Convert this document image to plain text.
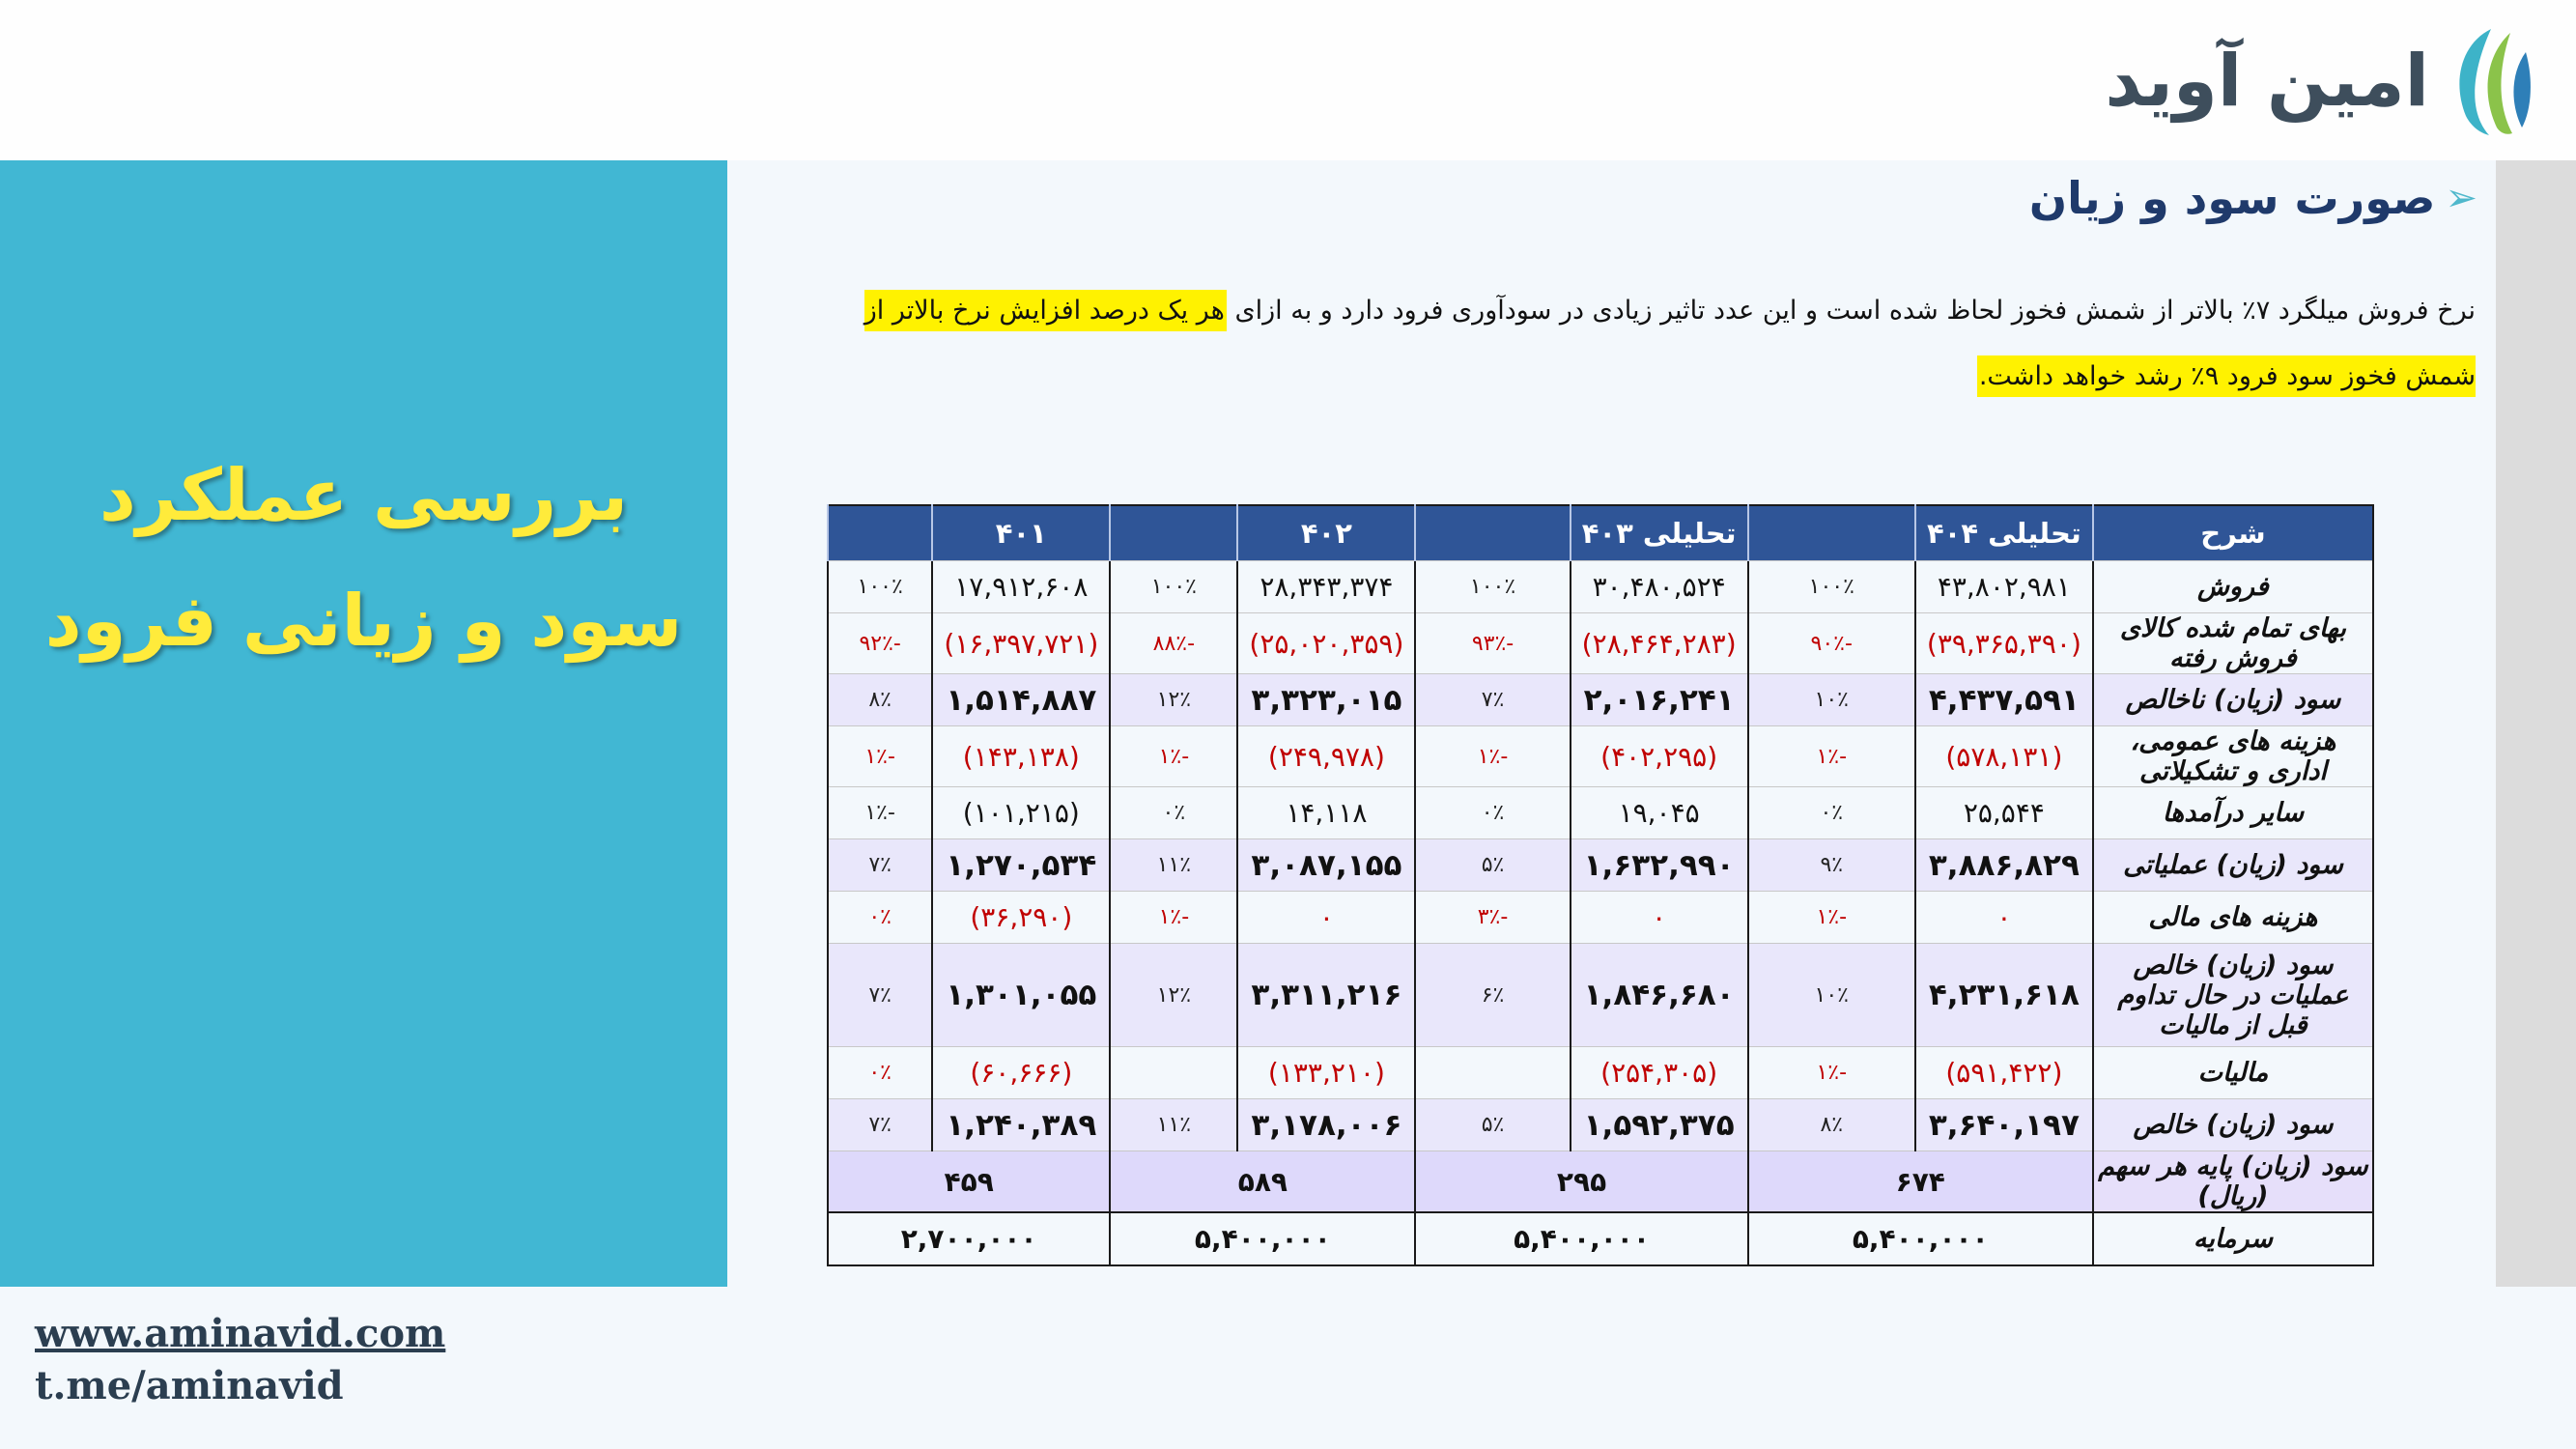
امین آوید
بررسی عملکرد
سود و زیانی فرود
www.aminavid.com
t.me/aminavid
➢
صورت سود و زیان
نرخ فروش میلگرد ۷٪ بالاتر از شمش فخوز لحاظ شده است و این عدد تاثیر زیادی در سودآوری فرود دارد و به ازای هر یک درصد افزایش نرخ بالاتر از شمش فخوز سود فرود ۹٪ رشد خواهد داشت.
شرح	تحلیلی ۴۰۴		تحلیلی ۴۰۳		۴۰۲		۴۰۱	
فروش	۴۳,۸۰۲,۹۸۱	۱۰۰٪	۳۰,۴۸۰,۵۲۴	۱۰۰٪	۲۸,۳۴۳,۳۷۴	۱۰۰٪	۱۷,۹۱۲,۶۰۸	۱۰۰٪
بهای تمام شده کالای فروش رفته	(۳۹,۳۶۵,۳۹۰)	-۹۰٪	(۲۸,۴۶۴,۲۸۳)	-۹۳٪	(۲۵,۰۲۰,۳۵۹)	-۸۸٪	(۱۶,۳۹۷,۷۲۱)	-۹۲٪
سود (زیان) ناخالص	۴,۴۳۷,۵۹۱	۱۰٪	۲,۰۱۶,۲۴۱	۷٪	۳,۳۲۳,۰۱۵	۱۲٪	۱,۵۱۴,۸۸۷	۸٪
هزینه های عمومی، اداری و تشکیلاتی	(۵۷۸,۱۳۱)	-۱٪	(۴۰۲,۲۹۵)	-۱٪	(۲۴۹,۹۷۸)	-۱٪	(۱۴۳,۱۳۸)	-۱٪
سایر درآمدها	۲۵,۵۴۴	۰٪	۱۹,۰۴۵	۰٪	۱۴,۱۱۸	۰٪	(۱۰۱,۲۱۵)	-۱٪
سود (زیان) عملیاتی	۳,۸۸۶,۸۲۹	۹٪	۱,۶۳۲,۹۹۰	۵٪	۳,۰۸۷,۱۵۵	۱۱٪	۱,۲۷۰,۵۳۴	۷٪
هزینه های مالی	۰	-۱٪	۰	-۳٪	۰	-۱٪	(۳۶,۲۹۰)	۰٪
سود (زیان) خالص عملیات در حال تداوم قبل از مالیات	۴,۲۳۱,۶۱۸	۱۰٪	۱,۸۴۶,۶۸۰	۶٪	۳,۳۱۱,۲۱۶	۱۲٪	۱,۳۰۱,۰۵۵	۷٪
مالیات	(۵۹۱,۴۲۲)	-۱٪	(۲۵۴,۳۰۵)		(۱۳۳,۲۱۰)		(۶۰,۶۶۶)	۰٪
سود (زیان) خالص	۳,۶۴۰,۱۹۷	۸٪	۱,۵۹۲,۳۷۵	۵٪	۳,۱۷۸,۰۰۶	۱۱٪	۱,۲۴۰,۳۸۹	۷٪
سود (زیان) پایه هر سهم (ریال)	۶۷۴		۲۹۵		۵۸۹		۴۵۹	
سرمایه	۵,۴۰۰,۰۰۰		۵,۴۰۰,۰۰۰		۵,۴۰۰,۰۰۰		۲,۷۰۰,۰۰۰	
